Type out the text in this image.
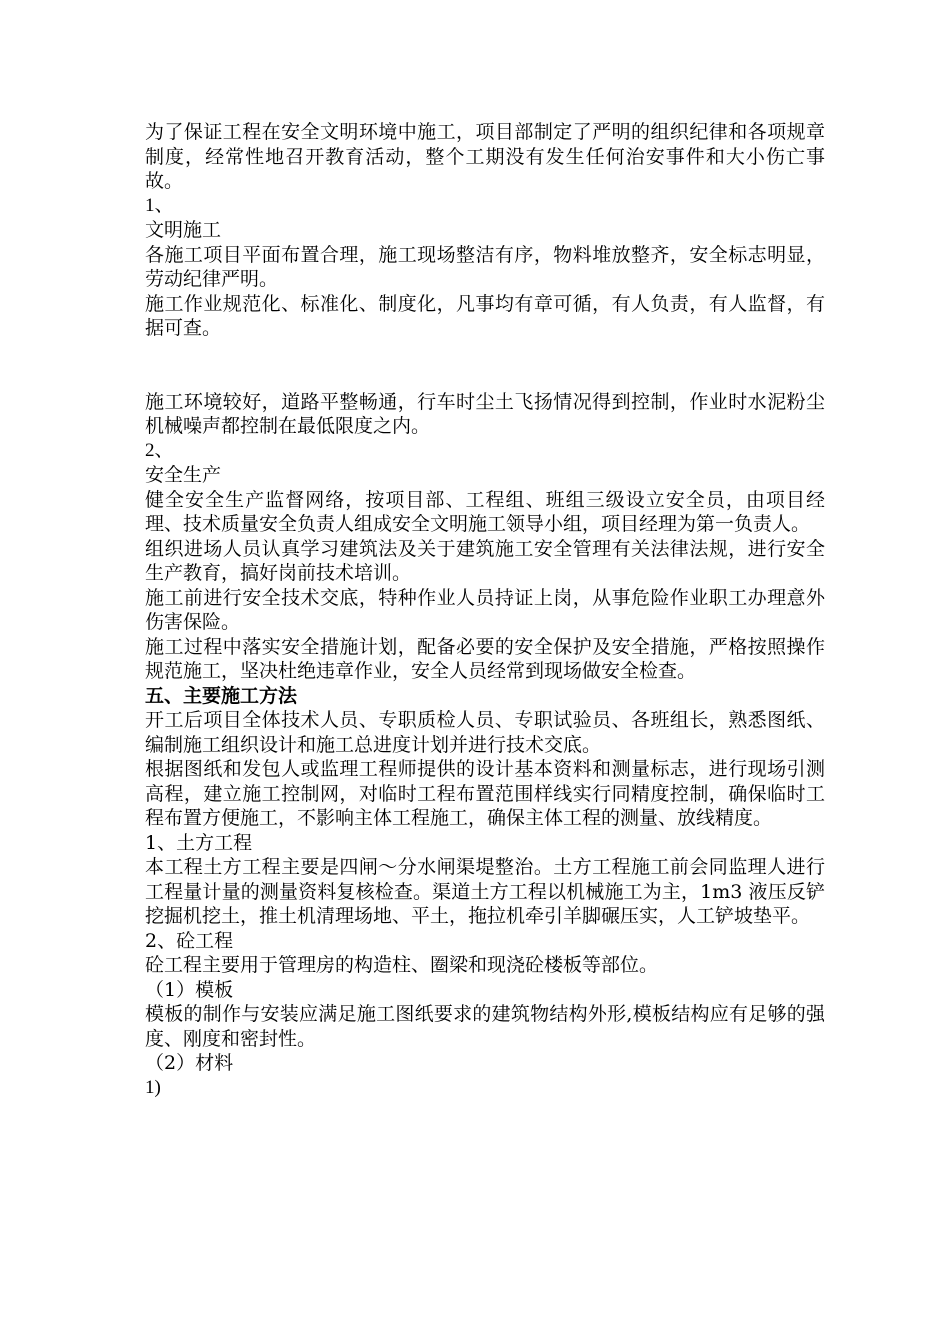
为了保证工程在安全文明环境中施工，项目部制定了严明的组织纪律和各项规章制度，经常性地召开教育活动，整个工期没有发生任何治安事件和大小伤亡事故。

1、

文明施工

各施工项目平面布置合理，施工现场整洁有序，物料堆放整齐，安全标志明显，劳动纪律严明。

施工作业规范化、标准化、制度化，凡事均有章可循，有人负责，有人监督，有据可查。

施工环境较好，道路平整畅通，行车时尘土飞扬情况得到控制，作业时水泥粉尘机械噪声都控制在最低限度之内。

2、

安全生产

健全安全生产监督网络，按项目部、工程组、班组三级设立安全员，由项目经理、技术质量安全负责人组成安全文明施工领导小组，项目经理为第一负责人。

组织进场人员认真学习建筑法及关于建筑施工安全管理有关法律法规，进行安全生产教育，搞好岗前技术培训。

施工前进行安全技术交底，特种作业人员持证上岗，从事危险作业职工办理意外伤害保险。

施工过程中落实安全措施计划，配备必要的安全保护及安全措施，严格按照操作规范施工，坚决杜绝违章作业，安全人员经常到现场做安全检查。

五、主要施工方法

开工后项目全体技术人员、专职质检人员、专职试验员、各班组长，熟悉图纸、编制施工组织设计和施工总进度计划并进行技术交底。

根据图纸和发包人或监理工程师提供的设计基本资料和测量标志，进行现场引测高程，建立施工控制网，对临时工程布置范围样线实行同精度控制，确保临时工程布置方便施工，不影响主体工程施工，确保主体工程的测量、放线精度。

1、土方工程

本工程土方工程主要是四闸～分水闸渠堤整治。土方工程施工前会同监理人进行工程量计量的测量资料复核检查。渠道土方工程以机械施工为主，1m3 液压反铲挖掘机挖土，推土机清理场地、平土，拖拉机牵引羊脚碾压实，人工铲坡垫平。

2、砼工程

砼工程主要用于管理房的构造柱、圈梁和现浇砼楼板等部位。

（1）模板

模板的制作与安装应满足施工图纸要求的建筑物结构外形,模板结构应有足够的强度、刚度和密封性。

（2）材料

1)
